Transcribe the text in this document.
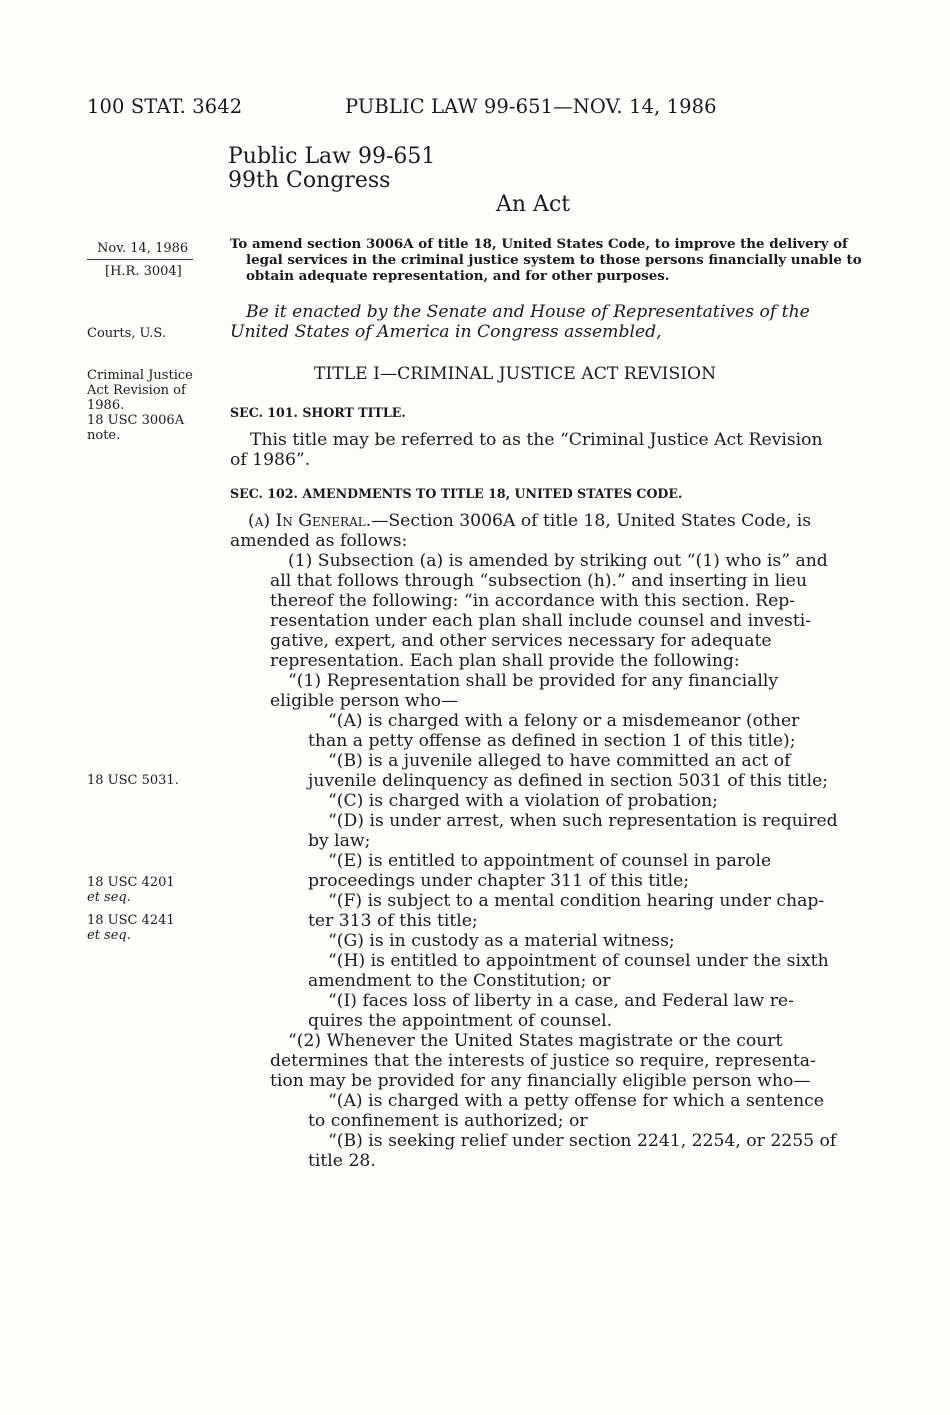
100 STAT. 3642	PUBLIC LAW 99-651—NOV. 14, 1986
Public Law 99-651
99th Congress
An Act
Nov. 14, 1986
[H.R. 3004]
Courts, U.S.
Criminal Justice
Act Revision of
1986.
18 USC 3006A
note.
18 USC 5031.
18 USC 4201
et seq.
18 USC 4241
et seq.
To amend section 3006A of title 18, United States Code, to improve the delivery of
legal services in the criminal justice system to those persons financially unable to
obtain adequate representation, and for other purposes.
Be it enacted by the Senate and House of Representatives of the
United States of America in Congress assembled,
TITLE I—CRIMINAL JUSTICE ACT REVISION
SEC. 101. SHORT TITLE.
This title may be referred to as the “Criminal Justice Act Revision
of 1986”.
SEC. 102. AMENDMENTS TO TITLE 18, UNITED STATES CODE.
(a) In General.—Section 3006A of title 18, United States Code, is
amended as follows:
(1) Subsection (a) is amended by striking out “(1) who is” and
all that follows through “subsection (h).” and inserting in lieu
thereof the following: “in accordance with this section. Rep-
resentation under each plan shall include counsel and investi-
gative, expert, and other services necessary for adequate
representation. Each plan shall provide the following:
“(1) Representation shall be provided for any financially
eligible person who—
“(A) is charged with a felony or a misdemeanor (other
than a petty offense as defined in section 1 of this title);
“(B) is a juvenile alleged to have committed an act of
juvenile delinquency as defined in section 5031 of this title;
“(C) is charged with a violation of probation;
“(D) is under arrest, when such representation is required
by law;
“(E) is entitled to appointment of counsel in parole
proceedings under chapter 311 of this title;
“(F) is subject to a mental condition hearing under chap-
ter 313 of this title;
“(G) is in custody as a material witness;
“(H) is entitled to appointment of counsel under the sixth
amendment to the Constitution; or
“(I) faces loss of liberty in a case, and Federal law re-
quires the appointment of counsel.
“(2) Whenever the United States magistrate or the court
determines that the interests of justice so require, representa-
tion may be provided for any financially eligible person who—
“(A) is charged with a petty offense for which a sentence
to confinement is authorized; or
“(B) is seeking relief under section 2241, 2254, or 2255 of
title 28.
